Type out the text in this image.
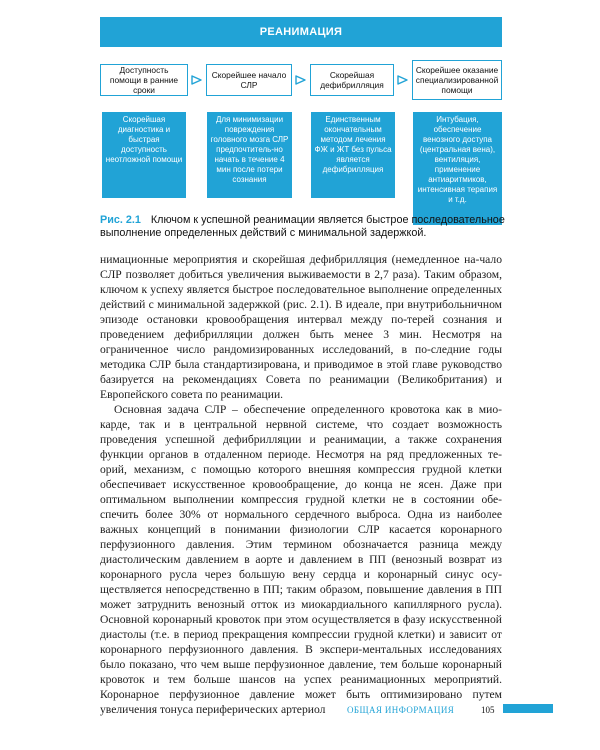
РЕАНИМАЦИЯ
Доступность помощи в ранние сроки
Скорейшее начало СЛР
Скорейшая дефибрилляция
Скорейшее оказание специализированной помощи
Скорейшая диагностика и быстрая доступность неотложной помощи
Для минимизации повреждения головного мозга СЛР предпочтитель-но начать в течение 4 мин после потери сознания
Единственным окончательным методом лечения ФЖ и ЖТ без пульса является дефибрилляция
Интубация, обеспечение венозного доступа (центральная вена), вентиляция, применение антиаритмиков, интенсивная терапия и т.д.
Рис. 2.1 Ключом к успешной реанимации является быстрое последовательное выполнение определенных действий с минимальной задержкой.

нимационные мероприятия и скорейшая дефибрилляция (немедленное на-чало СЛР позволяет добиться увеличения выживаемости в 2,7 раза). Таким образом, ключом к успеху является быстрое последовательное выполнение определенных действий с минимальной задержкой (рис. 2.1). В идеале, при внутрибольничном эпизоде остановки кровообращения интервал между по-терей сознания и проведением дефибрилляции должен быть менее 3 мин. Несмотря на ограниченное число рандомизированных исследований, в по-следние годы методика СЛР была стандартизирована, и приводимое в этой главе руководство базируется на рекомендациях Совета по реанимации (Великобритания) и Европейского совета по реанимации.

Основная задача СЛР – обеспечение определенного кровотока как в мио-карде, так и в центральной нервной системе, что создает возможность проведения успешной дефибрилляции и реанимации, а также сохранения функции органов в отдаленном периоде. Несмотря на ряд предложенных те-орий, механизм, с помощью которого внешняя компрессия грудной клетки обеспечивает искусственное кровообращение, до конца не ясен. Даже при оптимальном выполнении компрессия грудной клетки не в состоянии обе-спечить более 30% от нормального сердечного выброса. Одна из наиболее важных концепций в понимании физиологии СЛР касается коронарного перфузионного давления. Этим термином обозначается разница между диастолическим давлением в аорте и давлением в ПП (венозный возврат из коронарного русла через большую вену сердца и коронарный синус осу-ществляется непосредственно в ПП; таким образом, повышение давления в ПП может затруднить венозный отток из миокардиального капиллярного русла). Основной коронарный кровоток при этом осуществляется в фазу искусственной диастолы (т.е. в период прекращения компрессии грудной клетки) и зависит от коронарного перфузионного давления. В экспери-ментальных исследованиях было показано, что чем выше перфузионное давление, тем больше коронарный кровоток и тем больше шансов на успех реанимационных мероприятий. Коронарное перфузионное давление может быть оптимизировано путем увеличения тонуса периферических артериол	ОБЩАЯ ИНФОРМАЦИЯ	105
